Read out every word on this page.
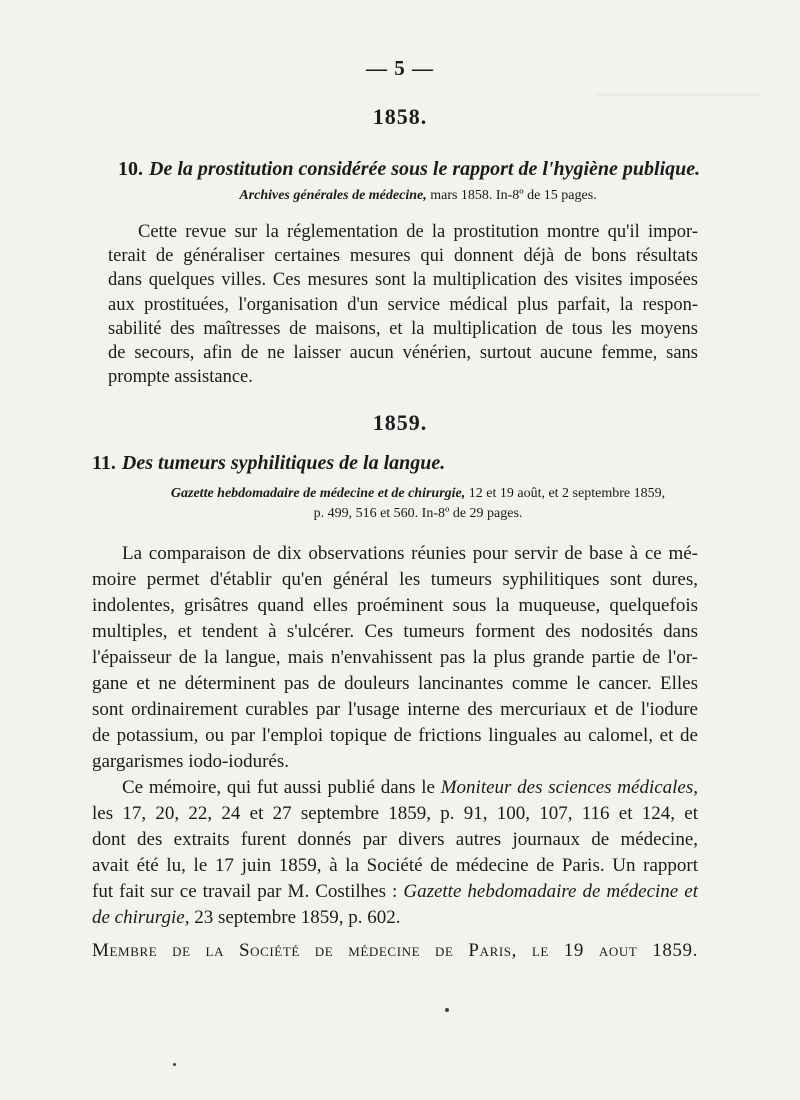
~~~~~~~~~~~~~~~~~~~~
— 5 —
1858.
10. De la prostitution considérée sous le rapport de l'hygiène publique.
Archives générales de médecine, mars 1858. In-8º de 15 pages.
Cette revue sur la réglementation de la prostitution montre qu'il impor-
terait de généraliser certaines mesures qui donnent déjà de bons résultats
dans quelques villes. Ces mesures sont la multiplication des visites imposées
aux prostituées, l'organisation d'un service médical plus parfait, la respon-
sabilité des maîtresses de maisons, et la multiplication de tous les moyens
de secours, afin de ne laisser aucun vénérien, surtout aucune femme, sans
prompte assistance.
1859.
11. Des tumeurs syphilitiques de la langue.
Gazette hebdomadaire de médecine et de chirurgie, 12 et 19 août, et 2 septembre 1859,
p. 499, 516 et 560. In-8º de 29 pages.
La comparaison de dix observations réunies pour servir de base à ce mé-
moire permet d'établir qu'en général les tumeurs syphilitiques sont dures,
indolentes, grisâtres quand elles proéminent sous la muqueuse, quelquefois
multiples, et tendent à s'ulcérer. Ces tumeurs forment des nodosités dans
l'épaisseur de la langue, mais n'envahissent pas la plus grande partie de l'or-
gane et ne déterminent pas de douleurs lancinantes comme le cancer. Elles
sont ordinairement curables par l'usage interne des mercuriaux et de l'iodure
de potassium, ou par l'emploi topique de frictions linguales au calomel, et de
gargarismes iodo-iodurés.
Ce mémoire, qui fut aussi publié dans le Moniteur des sciences médicales,
les 17, 20, 22, 24 et 27 septembre 1859, p. 91, 100, 107, 116 et 124, et
dont des extraits furent donnés par divers autres journaux de médecine,
avait été lu, le 17 juin 1859, à la Société de médecine de Paris. Un rapport
fut fait sur ce travail par M. Costilhes : Gazette hebdomadaire de médecine et
de chirurgie, 23 septembre 1859, p. 602.
Membre de la Société de médecine de Paris, le 19 aout 1859.
